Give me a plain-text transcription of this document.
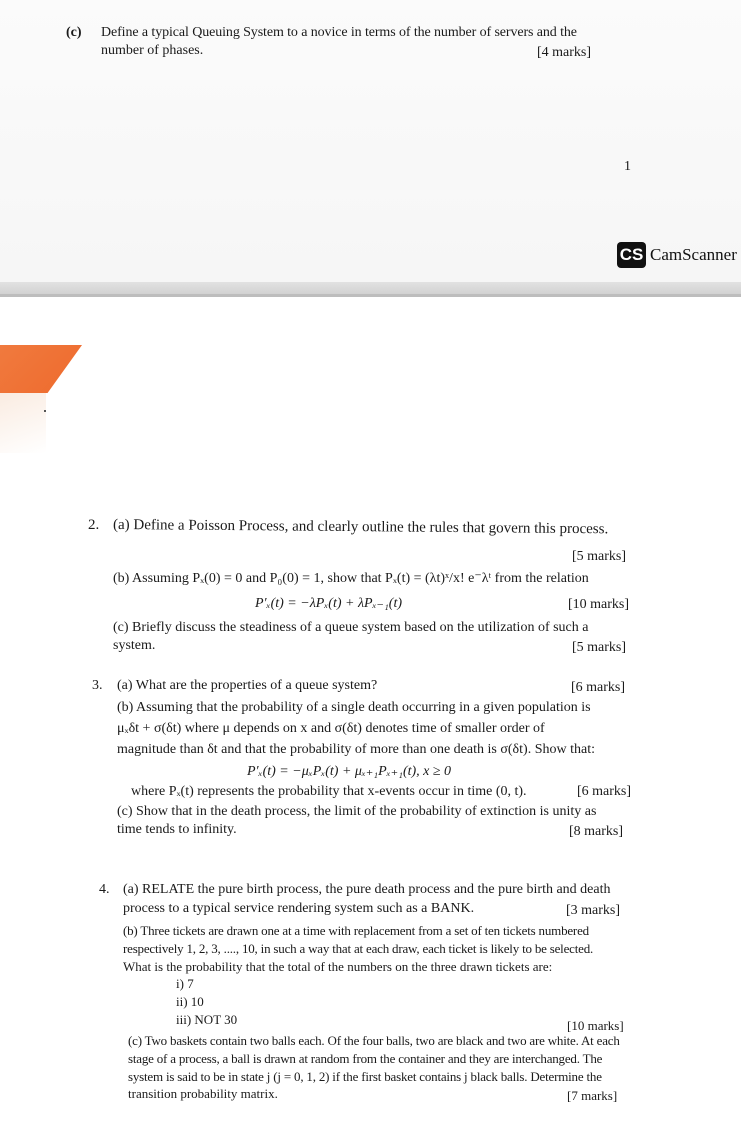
(c) Define a typical Queuing System to a novice in terms of the number of servers and the
number of phases.	[4 marks]
1
CS CamScanner
2. (a) Define a Poisson Process, and clearly outline the rules that govern this process.
[5 marks]
(b) Assuming Pₓ(0) = 0 and P₀(0) = 1, show that Pₓ(t) = (λt)ˣ/x! e⁻λᵗ from the relation
P′ₓ(t) = −λPₓ(t) + λPₓ₋₁(t)	[10 marks]
(c) Briefly discuss the steadiness of a queue system based on the utilization of such a
system.	[5 marks]
3. (a) What are the properties of a queue system?	[6 marks]
(b) Assuming that the probability of a single death occurring in a given population is
μₓδt + σ(δt) where μ depends on x and σ(δt) denotes time of smaller order of
magnitude than δt and that the probability of more than one death is σ(δt). Show that:
P′ₓ(t) = −μₓPₓ(t) + μₓ₊₁Pₓ₊₁(t), x ≥ 0
where Pₓ(t) represents the probability that x-events occur in time (0, t).	[6 marks]
(c) Show that in the death process, the limit of the probability of extinction is unity as
time tends to infinity.	[8 marks]
4. (a) RELATE the pure birth process, the pure death process and the pure birth and death
process to a typical service rendering system such as a BANK.	[3 marks]
(b) Three tickets are drawn one at a time with replacement from a set of ten tickets numbered
respectively 1, 2, 3, ...., 10, in such a way that at each draw, each ticket is likely to be selected.
What is the probability that the total of the numbers on the three drawn tickets are:
i) 7
ii) 10
iii) NOT 30	[10 marks]
(c) Two baskets contain two balls each. Of the four balls, two are black and two are white. At each
stage of a process, a ball is drawn at random from the container and they are interchanged. The
system is said to be in state j (j = 0, 1, 2) if the first basket contains j black balls. Determine the
transition probability matrix.	[7 marks]
